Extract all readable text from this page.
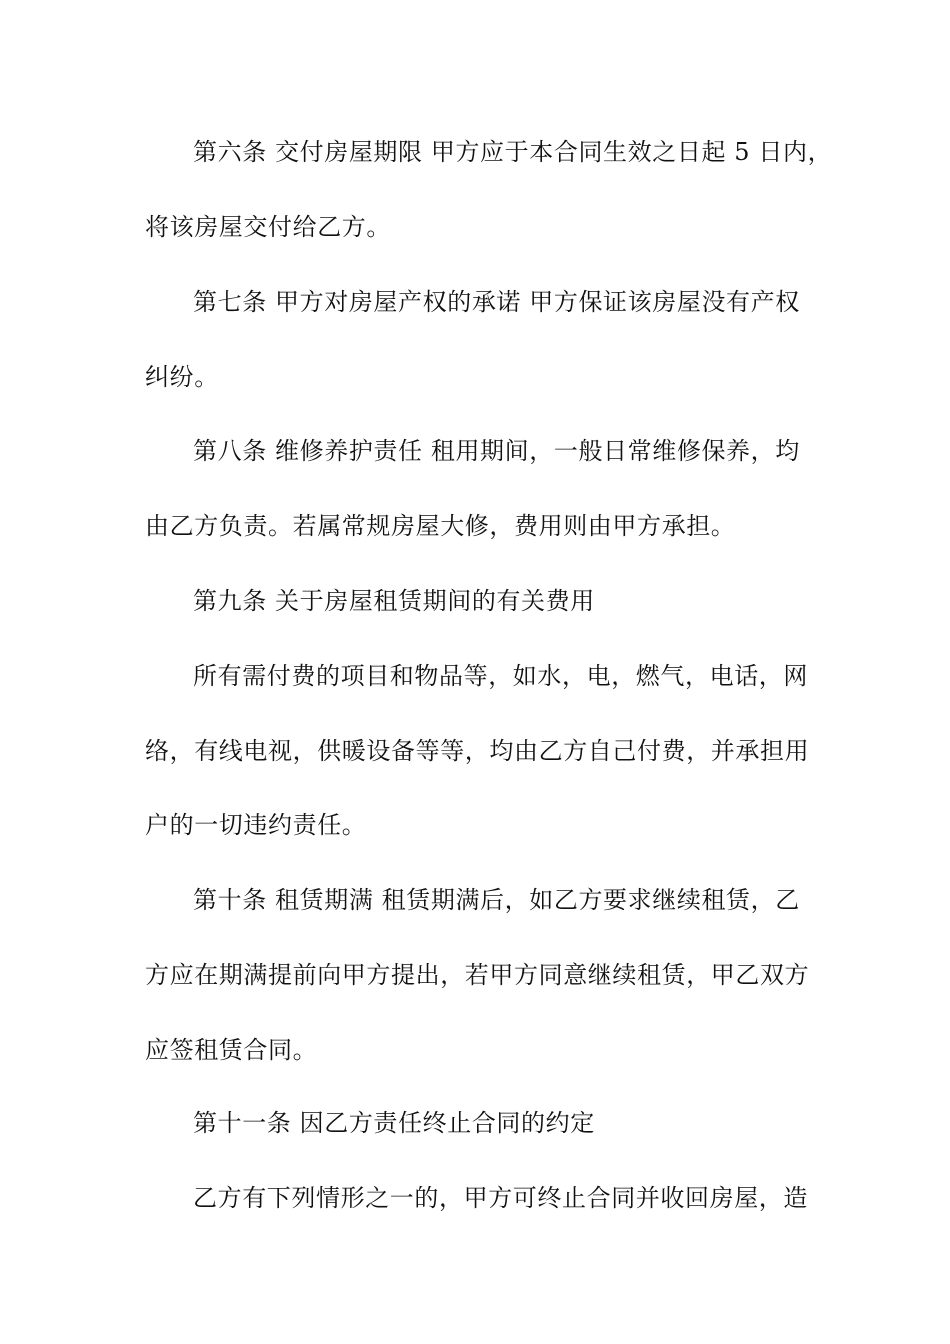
第六条 交付房屋期限 甲方应于本合同生效之日起 5 日内，
将该房屋交付给乙方。
第七条 甲方对房屋产权的承诺 甲方保证该房屋没有产权
纠纷。
第八条 维修养护责任 租用期间，一般日常维修保养，均
由乙方负责。若属常规房屋大修，费用则由甲方承担。
第九条 关于房屋租赁期间的有关费用
所有需付费的项目和物品等，如水，电，燃气，电话，网
络，有线电视，供暖设备等等，均由乙方自己付费，并承担用
户的一切违约责任。
第十条 租赁期满 租赁期满后，如乙方要求继续租赁，乙
方应在期满提前向甲方提出，若甲方同意继续租赁，甲乙双方
应签租赁合同。
第十一条 因乙方责任终止合同的约定
乙方有下列情形之一的，甲方可终止合同并收回房屋，造
